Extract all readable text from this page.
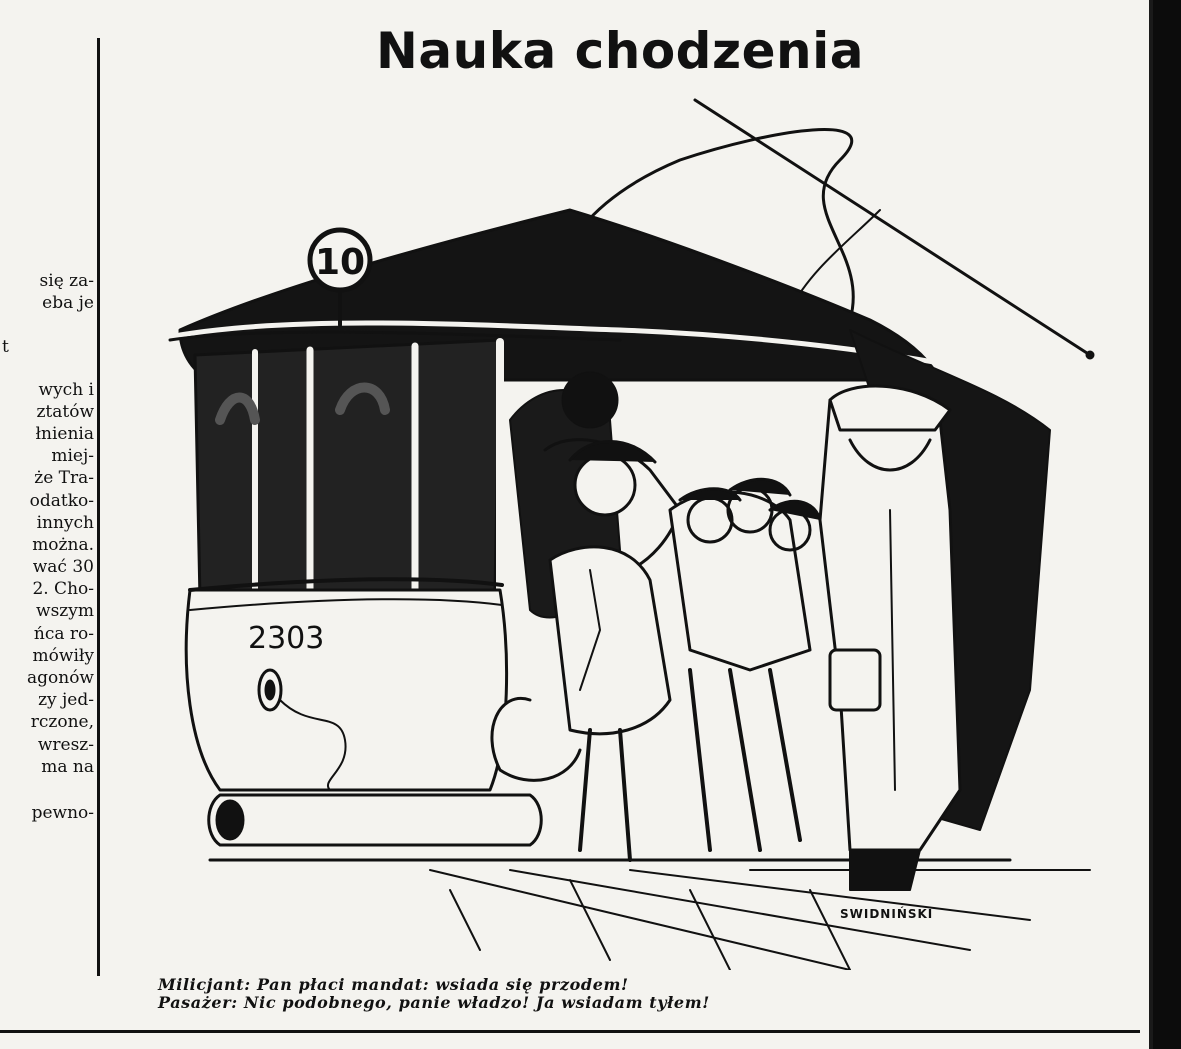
się za-
eba je
t
wych i
ztatów
łnienia
miej-
że Tra-
odatko-
innych
można.
wać 30
2. Cho-
wszym
ńca ro-
mówiły
agonów
zy jed-
rczone,
wresz-
ma na
pewno-
Nauka chodzenia
10
2303
SWIDNIŃSKI
Milicjant: Pan płaci mandat: wsiada się przodem!
Pasażer: Nic podobnego, panie władzo! Ja wsiadam tyłem!
